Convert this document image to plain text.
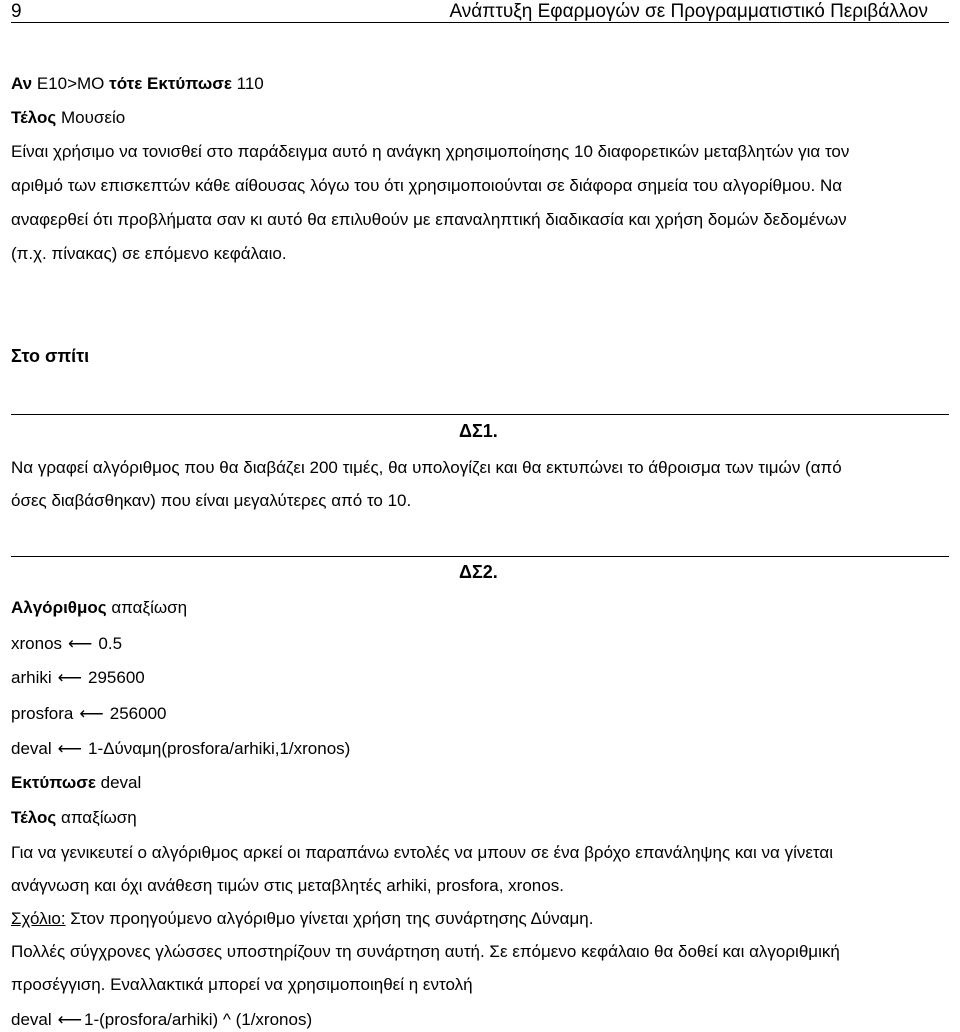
9	Ανάπτυξη Εφαρμογών σε Προγραμματιστικό Περιβάλλον
Αν E10>MO τότε Εκτύπωσε 110
Τέλος Μουσείο
Είναι χρήσιμο να τονισθεί στο παράδειγμα αυτό η ανάγκη χρησιμοποίησης 10 διαφορετικών μεταβλητών για τον
αριθμό των επισκεπτών κάθε αίθουσας λόγω του ότι χρησιμοποιούνται σε διάφορα σημεία του αλγορίθμου. Να
αναφερθεί ότι προβλήματα σαν κι αυτό θα επιλυθούν με επαναληπτική διαδικασία και χρήση δομών δεδομένων
(π.χ. πίνακας) σε επόμενο κεφάλαιο.
Στο σπίτι
ΔΣ1.
Να γραφεί αλγόριθμος που θα διαβάζει 200 τιμές, θα υπολογίζει και θα εκτυπώνει το άθροισμα των τιμών (από
όσες διαβάσθηκαν) που είναι μεγαλύτερες από το 10.
ΔΣ2.
Αλγόριθμος απαξίωση
xronos ⟵ 0.5
arhiki ⟵ 295600
prosfora ⟵ 256000
deval ⟵ 1-Δύναμη(prosfora/arhiki,1/xronos)
Εκτύπωσε deval
Τέλος απαξίωση
Για να γενικευτεί ο αλγόριθμος αρκεί οι παραπάνω εντολές να μπουν σε ένα βρόχο επανάληψης και να γίνεται
ανάγνωση και όχι ανάθεση τιμών στις μεταβλητές arhiki, prosfora, xronos.
Σχόλιο: Στον προηγούμενο αλγόριθμο γίνεται χρήση της συνάρτησης Δύναμη.
Πολλές σύγχρονες γλώσσες υποστηρίζουν τη συνάρτηση αυτή. Σε επόμενο κεφάλαιο θα δοθεί και αλγοριθμική
προσέγγιση. Εναλλακτικά μπορεί να χρησιμοποιηθεί η εντολή
deval ⟵ 1-(prosfora/arhiki) ^ (1/xronos)
